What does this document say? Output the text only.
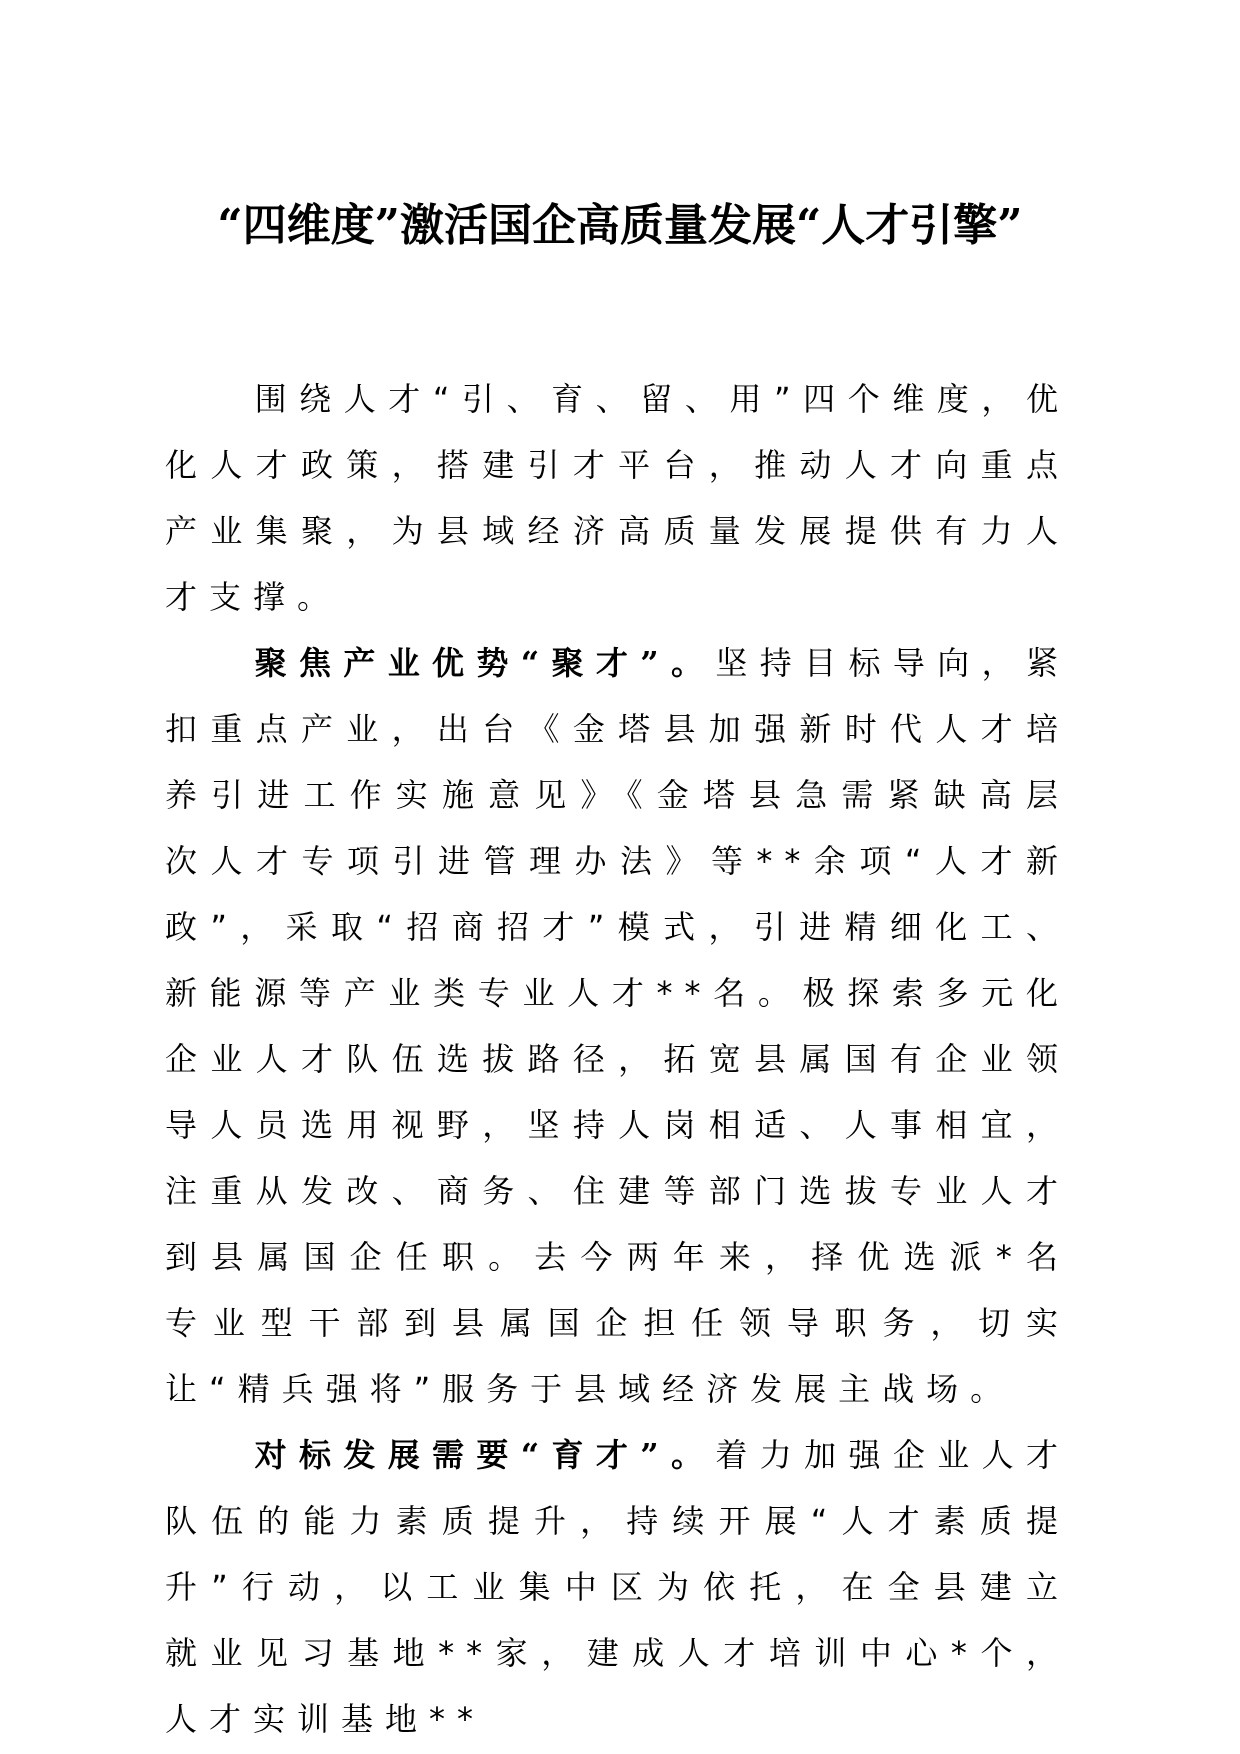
“四维度”激活国企高质量发展“人才引擎”

围绕人才“引、育、留、用”四个维度，优化人才政策，搭建引才平台，推动人才向重点产业集聚，为县域经济高质量发展提供有力人才支撑。

聚焦产业优势“聚才”。坚持目标导向，紧扣重点产业，出台《金塔县加强新时代人才培养引进工作实施意见》《金塔县急需紧缺高层次人才专项引进管理办法》等**余项“人才新政”，采取“招商招才”模式，引进精细化工、新能源等产业类专业人才**名。极探索多元化企业人才队伍选拔路径，拓宽县属国有企业领导人员选用视野，坚持人岗相适、人事相宜，注重从发改、商务、住建等部门选拔专业人才到县属国企任职。去今两年来，择优选派*名专业型干部到县属国企担任领导职务，切实让“精兵强将”服务于县域经济发展主战场。

对标发展需要“育才”。着力加强企业人才队伍的能力素质提升，持续开展“人才素质提升”行动，以工业集中区为依托，在全县建立就业见习基地**家，建成人才培训中心*个，人才实训基地**
